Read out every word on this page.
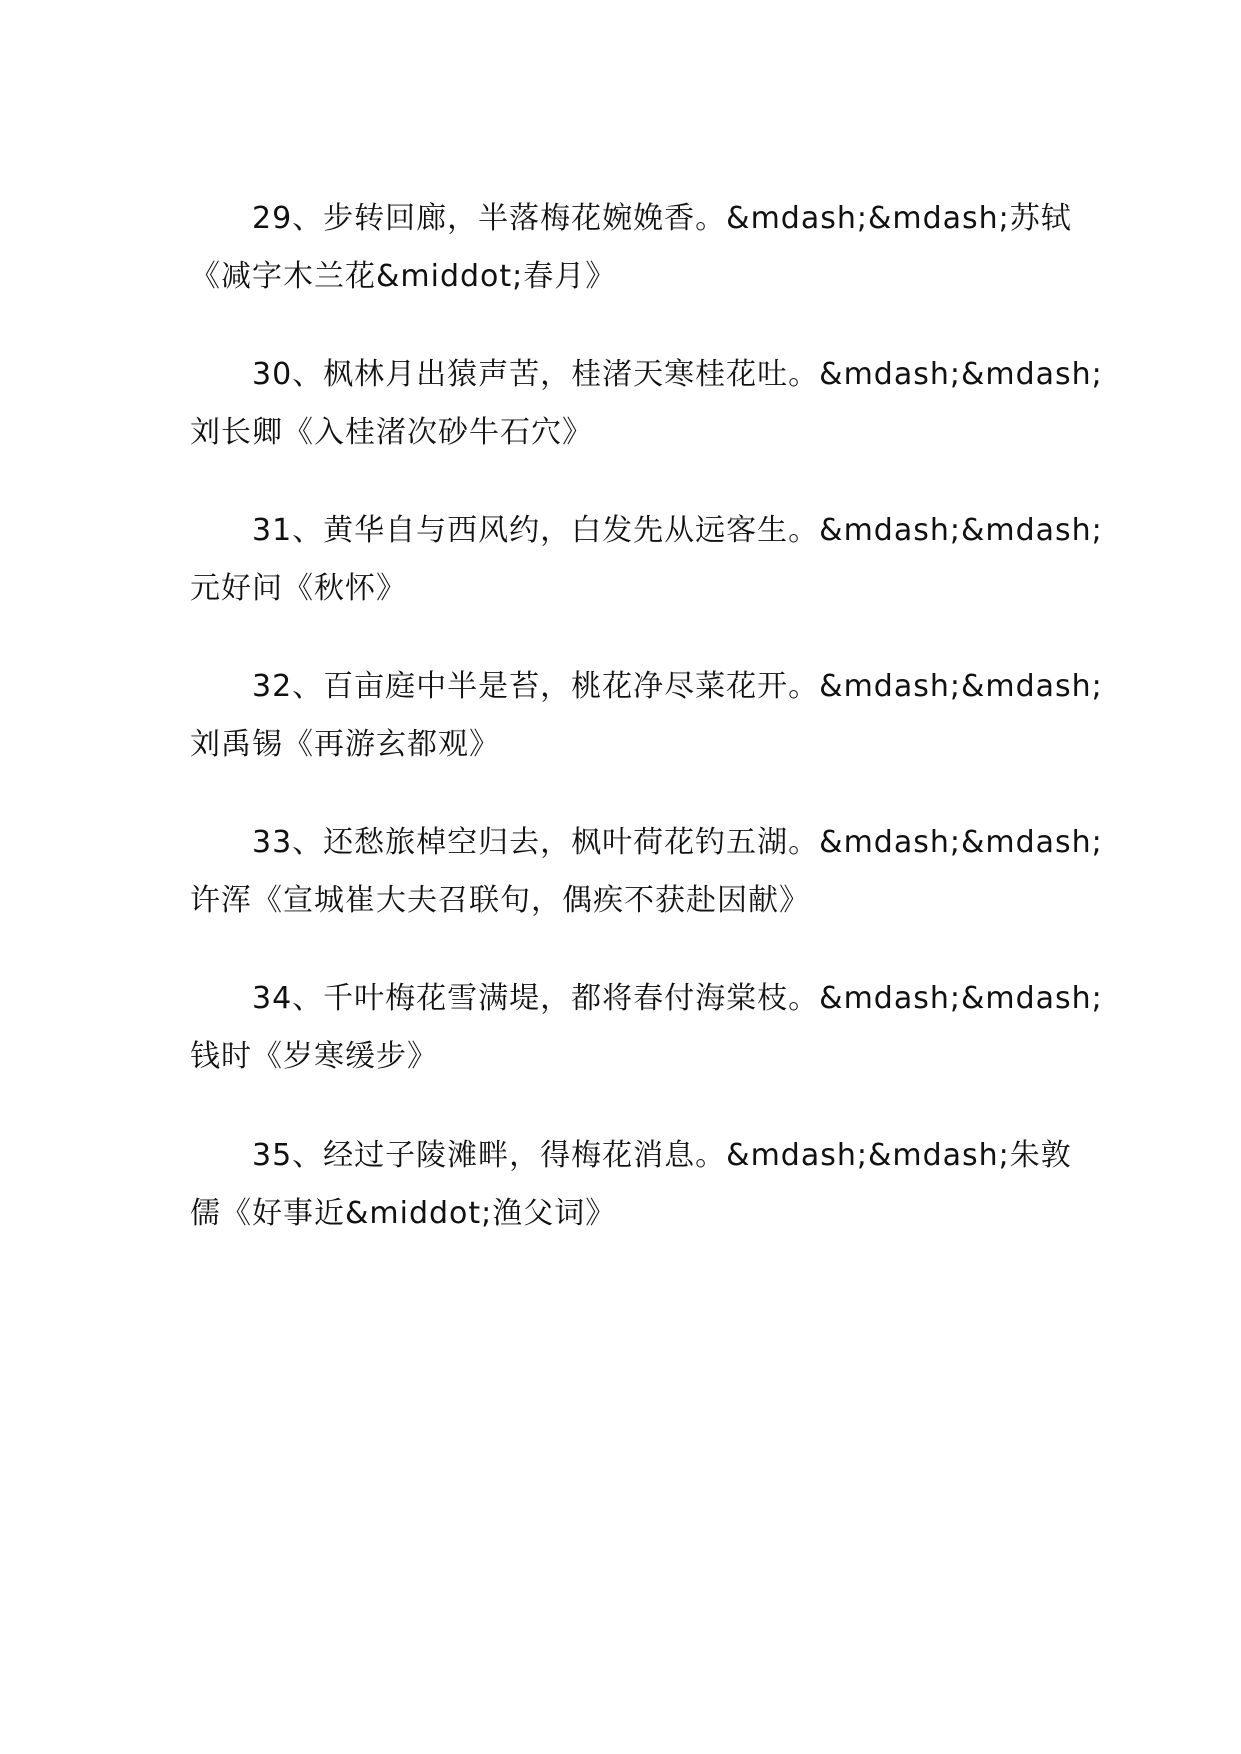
29、步转回廊，半落梅花婉娩香。&mdash;&mdash;苏轼
《减字木兰花&middot;春月》
30、枫林月出猿声苦，桂渚天寒桂花吐。&mdash;&mdash;
刘长卿《入桂渚次砂牛石穴》
31、黄华自与西风约，白发先从远客生。&mdash;&mdash;
元好问《秋怀》
32、百亩庭中半是苔，桃花净尽菜花开。&mdash;&mdash;
刘禹锡《再游玄都观》
33、还愁旅棹空归去，枫叶荷花钓五湖。&mdash;&mdash;
许浑《宣城崔大夫召联句，偶疾不获赴因献》
34、千叶梅花雪满堤，都将春付海棠枝。&mdash;&mdash;
钱时《岁寒缓步》
35、经过子陵滩畔，得梅花消息。&mdash;&mdash;朱敦
儒《好事近&middot;渔父词》
